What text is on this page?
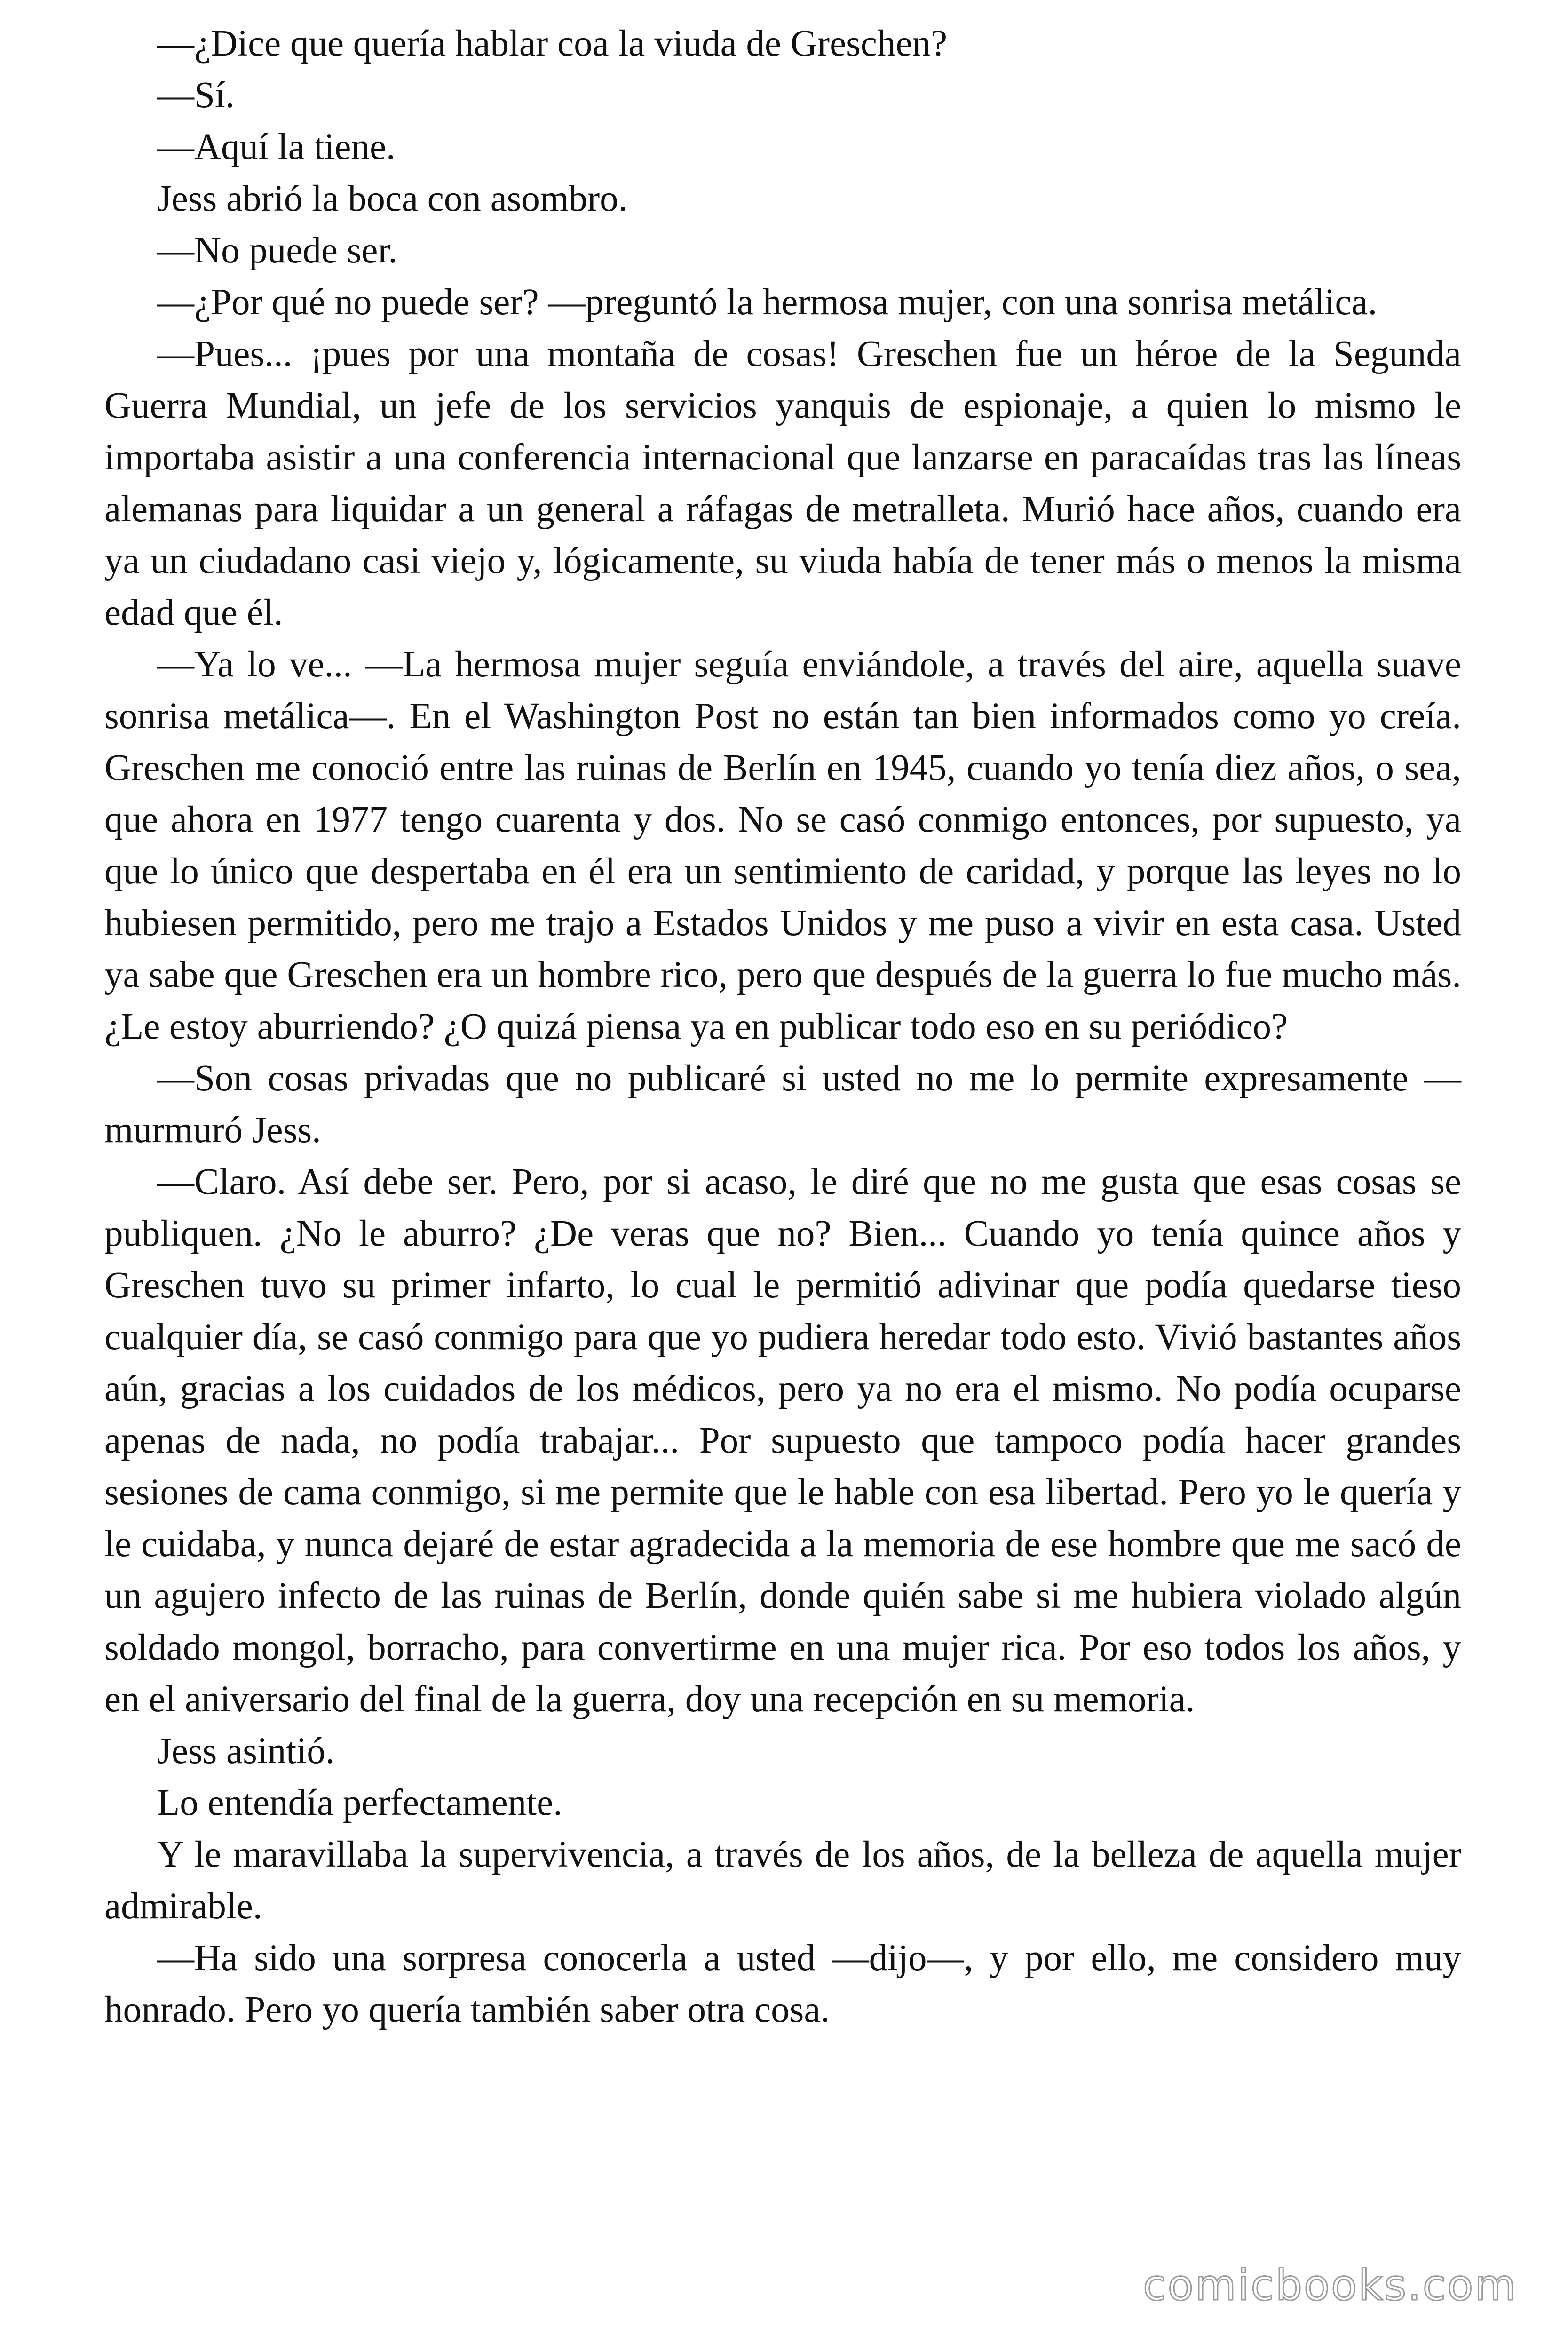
—¿Dice que quería hablar coa la viuda de Greschen?

—Sí.

—Aquí la tiene.

Jess abrió la boca con asombro.

—No puede ser.

—¿Por qué no puede ser? —preguntó la hermosa mujer, con una sonrisa metálica.

—Pues... ¡pues por una montaña de cosas! Greschen fue un héroe de la Segunda Guerra Mundial, un jefe de los servicios yanquis de espionaje, a quien lo mismo le importaba asistir a una conferencia internacional que lanzarse en paracaídas tras las líneas alemanas para liquidar a un general a ráfagas de metralleta. Murió hace años, cuando era ya un ciudadano casi viejo y, lógicamente, su viuda había de tener más o menos la misma edad que él.

—Ya lo ve... —La hermosa mujer seguía enviándole, a través del aire, aquella suave sonrisa metálica—. En el Washington Post no están tan bien informados como yo creía. Greschen me conoció entre las ruinas de Berlín en 1945, cuando yo tenía diez años, o sea, que ahora en 1977 tengo cuarenta y dos. No se casó conmigo entonces, por supuesto, ya que lo único que despertaba en él era un sentimiento de caridad, y porque las leyes no lo hubiesen permitido, pero me trajo a Estados Unidos y me puso a vivir en esta casa. Usted ya sabe que Greschen era un hombre rico, pero que después de la guerra lo fue mucho más. ¿Le estoy aburriendo? ¿O quizá piensa ya en publicar todo eso en su periódico?

—Son cosas privadas que no publicaré si usted no me lo permite expresamente —murmuró Jess.

—Claro. Así debe ser. Pero, por si acaso, le diré que no me gusta que esas cosas se publiquen. ¿No le aburro? ¿De veras que no? Bien... Cuando yo tenía quince años y Greschen tuvo su primer infarto, lo cual le permitió adivinar que podía quedarse tieso cualquier día, se casó conmigo para que yo pudiera heredar todo esto. Vivió bastantes años aún, gracias a los cuidados de los médicos, pero ya no era el mismo. No podía ocuparse apenas de nada, no podía trabajar... Por supuesto que tampoco podía hacer grandes sesiones de cama conmigo, si me permite que le hable con esa libertad. Pero yo le quería y le cuidaba, y nunca dejaré de estar agradecida a la memoria de ese hombre que me sacó de un agujero infecto de las ruinas de Berlín, donde quién sabe si me hubiera violado algún soldado mongol, borracho, para convertirme en una mujer rica. Por eso todos los años, y en el aniversario del final de la guerra, doy una recepción en su memoria.

Jess asintió.

Lo entendía perfectamente.

Y le maravillaba la supervivencia, a través de los años, de la belleza de aquella mujer admirable.

—Ha sido una sorpresa conocerla a usted —dijo—, y por ello, me considero muy honrado. Pero yo quería también saber otra cosa.

comicbooks.com
